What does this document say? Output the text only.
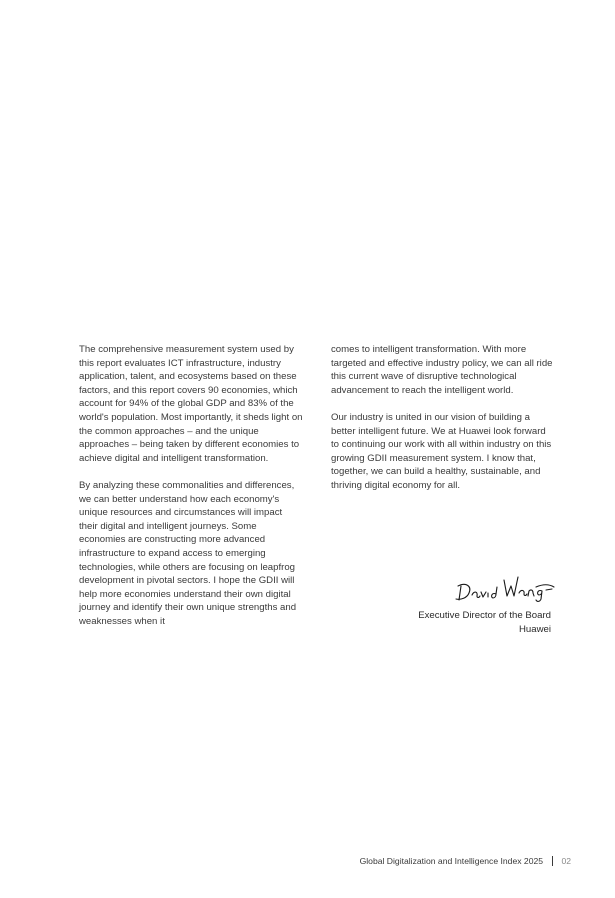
The comprehensive measurement system used by this report evaluates ICT infrastructure, industry application, talent, and ecosystems based on these factors, and this report covers 90 economies, which account for 94% of the global GDP and 83% of the world's population. Most importantly, it sheds light on the common approaches – and the unique approaches – being taken by different economies to achieve digital and intelligent transformation.

By analyzing these commonalities and differences, we can better understand how each economy's unique resources and circumstances will impact their digital and intelligent journeys. Some economies are constructing more advanced infrastructure to expand access to emerging technologies, while others are focusing on leapfrog development in pivotal sectors. I hope the GDII will help more economies understand their own digital journey and identify their own unique strengths and weaknesses when it

comes to intelligent transformation. With more targeted and effective industry policy, we can all ride this current wave of disruptive technological advancement to reach the intelligent world.

Our industry is united in our vision of building a better intelligent future. We at Huawei look forward to continuing our work with all within industry on this growing GDII measurement system. I know that, together, we can build a healthy, sustainable, and thriving digital economy for all.

Executive Director of the Board
Huawei
Global Digitalization and Intelligence Index 2025 02
